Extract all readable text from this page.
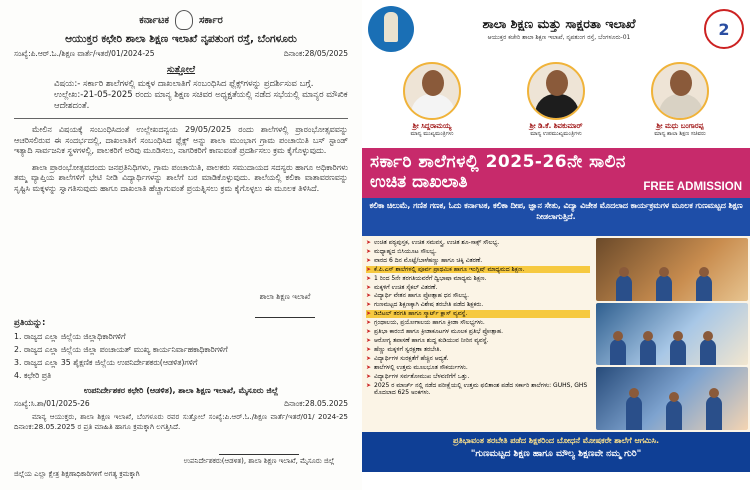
ಕರ್ನಾಟಕ	ಸರ್ಕಾರ
ಆಯುಕ್ತರ ಕಛೇರಿ ಶಾಲಾ ಶಿಕ್ಷಣ ಇಲಾಖೆ ನೃಪತುಂಗ ರಸ್ತೆ, ಬೆಂಗಳೂರು
ಸಂಖ್ಯೆ:ಪಿ.ಆರ್.ಓ./ಶಿಕ್ಷಣ ವಾರ್ತೆ/ಇತರೆ/01/2024-25	ದಿನಾಂಕ:28/05/2025
ಸುತ್ತೋಲೆ
ವಿಷಯ:- ಸರ್ಕಾರಿ ಶಾಲೆಗಳಲ್ಲಿ ಮಕ್ಕಳ ದಾಖಲಾತಿಗೆ ಸಂಬಂಧಿಸಿದ ಫ್ಲೆಕ್ಸ್‌ಗಳನ್ನು ಪ್ರದರ್ಶಿಸುವ ಬಗ್ಗೆ.
ಉಲ್ಲೇಖ:-21-05-2025 ರಂದು ಮಾನ್ಯ ಶಿಕ್ಷಣ ಸಚಿವರ ಅಧ್ಯಕ್ಷತೆಯಲ್ಲಿ ನಡೆದ ಸಭೆಯಲ್ಲಿ ಮಾನ್ಯರ ಮೌಖಿಕ ಆದೇಶದಂತೆ.
ಮೇಲಿನ ವಿಷಯಕ್ಕೆ ಸಂಬಂಧಿಸಿದಂತೆ ಉಲ್ಲೇಖದನ್ವಯ 29/05/2025 ರಂದು ಶಾಲೆಗಳಲ್ಲಿ ಪ್ರಾರಂಭೋತ್ಸವವನ್ನು ಆಚರಿಸಲಿರುವ ಈ ಸಂದರ್ಭದಲ್ಲಿ, ದಾಖಲಾತಿಗೆ ಸಂಬಂಧಿಸಿದ ಫ್ಲೆಕ್ಸ್ ಅನ್ನು ಶಾಲಾ ಮುಂಭಾಗ ಗ್ರಾಮ ಪಂಚಾಯಿತಿ ಬಸ್ ಸ್ಟಾಂಡ್ ಇತ್ಯಾದಿ ಸಾರ್ವಜನಿಕ ಸ್ಥಳಗಳಲ್ಲಿ, ಪಾಲಕರಿಗೆ ಅರಿವು ಮೂಡಿಸಲು, ನಾಗರಿಕರಿಗೆ ಕಾಣುವಂತೆ ಪ್ರದರ್ಶಿಸಲು ಕ್ರಮ ಕೈಗೊಳ್ಳುವುದು.
ಶಾಲಾ ಪ್ರಾರಂಭೋತ್ಸವದಂದು ಜನಪ್ರತಿನಿಧಿಗಳು, ಗ್ರಾಮ ಪಂಚಾಯಿತಿ, ಪಾಲಕರು ಸಮುದಾಯದ ಸದಸ್ಯರು ಹಾಗೂ ಅಧಿಕಾರಿಗಳು ತಮ್ಮ ವ್ಯಾಪ್ತಿಯ ಶಾಲೆಗಳಿಗೆ ಭೇಟಿ ನೀಡಿ ವಿದ್ಯಾರ್ಥಿಗಳನ್ನು ಶಾಲೆಗೆ ಬರ ಮಾಡಿಕೊಳ್ಳುವುದು. ಶಾಲೆಯಲ್ಲಿ ಕಲಿಕಾ ವಾತಾವರಣವನ್ನು ಸೃಷ್ಟಿಸಿ ಮಕ್ಕಳನ್ನು ಸ್ವಾಗತಿಸುವುದು ಹಾಗೂ ದಾಖಲಾತಿ ಹೆಚ್ಚಾಗುವಂತೆ ಪ್ರಯತ್ನಿಸಲು ಕ್ರಮ ಕೈಗೊಳ್ಳಲು ಈ ಮೂಲಕ ತಿಳಿಸಿದೆ.
ಶಾಲಾ ಶಿಕ್ಷಣ ಇಲಾಖೆ
ಪ್ರತಿಯನ್ನು:
1. ರಾಜ್ಯದ ಎಲ್ಲಾ ಜಿಲ್ಲೆಯ ಜಿಲ್ಲಾಧಿಕಾರಿಗಳಿಗೆ
2. ರಾಜ್ಯದ ಎಲ್ಲಾ ಜಿಲ್ಲೆಯ ಜಿಲ್ಲಾ ಪಂಚಾಯತ್ ಮುಖ್ಯ ಕಾರ್ಯನಿರ್ವಾಹಕಾಧಿಕಾರಿಗಳಿಗೆ
3. ರಾಜ್ಯದ ಎಲ್ಲಾ 35 ಶೈಕ್ಷಣಿಕ ಜಿಲ್ಲೆಯ ಉಪನಿರ್ದೇಶಕರು(ಆಡಳಿತ)ಗಳಿಗೆ
4. ಕಛೇರಿ ಪ್ರತಿ
ಉಪನಿರ್ದೇಶಕರ ಕಛೇರಿ (ಆಡಳಿತ), ಶಾಲಾ ಶಿಕ್ಷಣ ಇಲಾಖೆ, ಮೈಸೂರು ಜಿಲ್ಲೆ
ಸಂಖ್ಯೆ:ಸಿ.ಶಾ/01/2025-26	ದಿನಾಂಕ:28.05.2025
ಮಾನ್ಯ ಆಯುಕ್ತರು, ಶಾಲಾ ಶಿಕ್ಷಣ ಇಲಾಖೆ, ಬೆಂಗಳೂರು ರವರ ಸುತ್ತೋಲೆ ಸಂಖ್ಯೆ:ಪಿ.ಆರ್.ಓ./ಶಿಕ್ಷಣ ವಾರ್ತೆ/ಇತರೆ/01/ 2024-25 ದಿನಾಂಕ:28.05.2025 ರ ಪ್ರತಿ ಮಾಹಿತಿ ಹಾಗೂ ಕ್ರಮಕ್ಕಾಗಿ ಲಗತ್ತಿಸಿದೆ.
ಉಪನಿರ್ದೇಶಕರು(ಆಡಳಿತ), ಶಾಲಾ ಶಿಕ್ಷಣ ಇಲಾಖೆ, ಮೈಸೂರು ಜಿಲ್ಲೆ
ಜಿಲ್ಲೆಯ ಎಲ್ಲಾ ಕ್ಷೇತ್ರ ಶಿಕ್ಷಣಾಧಿಕಾರಿಗಳಿಗೆ ಅಗತ್ಯ ಕ್ರಮಕ್ಕಾಗಿ
ಶಾಲಾ ಶಿಕ್ಷಣ ಮತ್ತು ಸಾಕ್ಷರತಾ ಇಲಾಖೆ
ಆಯುಕ್ತರ ಕಚೇರಿ ಶಾಲಾ ಶಿಕ್ಷಣ ಇಲಾಖೆ, ನೃಪತುಂಗ ರಸ್ತೆ, ಬೆಂಗಳೂರು-01	2
ಶ್ರೀ ಸಿದ್ದರಾಮಯ್ಯ
ಮಾನ್ಯ ಮುಖ್ಯಮಂತ್ರಿಗಳು
ಶ್ರೀ ಡಿ.ಕೆ. ಶಿವಕುಮಾರ್
ಮಾನ್ಯ ಉಪಮುಖ್ಯಮಂತ್ರಿಗಳು
ಶ್ರೀ ಮಧು ಬಂಗಾರಪ್ಪ
ಮಾನ್ಯ ಶಾಲಾ ಶಿಕ್ಷಣ ಸಚಿವರು
ಸರ್ಕಾರಿ ಶಾಲೆಗಳಲ್ಲಿ 2025-26ನೇ ಸಾಲಿನ
ಉಚಿತ ದಾಖಲಾತಿ	FREE ADMISSION
ಕಲಿಕಾ ಚಿಲುಮೆ, ಗಣಿತ ಗಣಕ, ಓದು ಕರ್ನಾಟಕ, ಕಲಿಕಾ ದೀಪ, ಜ್ಞಾನ ಸೇತು, ವಿದ್ಯಾ ವಿಜೇತ ಮೊದಲಾದ ಕಾರ್ಯಕ್ರಮಗಳ ಮೂಲಕ ಗುಣಮಟ್ಟದ ಶಿಕ್ಷಣ ನೀಡಲಾಗುತ್ತಿದೆ.
➤ ಉಚಿತ ಪಠ್ಯಪುಸ್ತಕ, ಉಚಿತ ಸಮವಸ್ತ್ರ, ಉಚಿತ ಶೂ-ಸಾಕ್ಸ್ ಸೌಲಭ್ಯ.
➤ ಮಧ್ಯಾಹ್ನದ ಬಿಸಿಯೂಟ ಸೌಲಭ್ಯ.
➤ ವಾರದ 6 ದಿನ ಮೊಟ್ಟೆ/ಬಾಳೆಹಣ್ಣು ಹಾಗೂ ಚಿಕ್ಕಿ ವಿತರಣೆ.
➤ ಕೆ.ಪಿ.ಎಸ್ ಶಾಲೆಗಳಲ್ಲಿ ಪೂರ್ವ ಪ್ರಾಥಮಿಕ ಹಾಗೂ ಇಂಗ್ಲಿಷ್ ಮಾಧ್ಯಮದ ಶಿಕ್ಷಣ.
➤ 1 ರಿಂದ 5ನೇ ತರಗತಿಯವರೆಗೆ ದ್ವಿಭಾಷಾ ಮಾಧ್ಯಮ ಶಿಕ್ಷಣ.
➤ ಮಕ್ಕಳಿಗೆ ಉಚಿತ ಸೈಕಲ್ ವಿತರಣೆ.
➤ ವಿದ್ಯಾರ್ಥಿ ವೇತನ ಹಾಗೂ ಪ್ರೋತ್ಸಾಹ ಧನ ಸೌಲಭ್ಯ.
➤ ಗುಣಮಟ್ಟದ ಶಿಕ್ಷಣಕ್ಕಾಗಿ ವಿಶೇಷ ತರಬೇತಿ ಪಡೆದ ಶಿಕ್ಷಕರು.
➤ ಡಿಜಿಟಲ್ ತರಗತಿ ಹಾಗೂ ಸ್ಮಾರ್ಟ್ ಕ್ಲಾಸ್ ವ್ಯವಸ್ಥೆ.
➤ ಗ್ರಂಥಾಲಯ, ಪ್ರಯೋಗಾಲಯ ಹಾಗೂ ಕ್ರೀಡಾ ಸೌಲಭ್ಯಗಳು.
➤ ಪ್ರತಿಭಾ ಕಾರಂಜಿ ಹಾಗೂ ಕ್ರೀಡಾಕೂಟಗಳ ಮೂಲಕ ಪ್ರತಿಭೆ ಪ್ರೋತ್ಸಾಹ.
➤ ಆರೋಗ್ಯ ತಪಾಸಣೆ ಹಾಗೂ ಶುದ್ಧ ಕುಡಿಯುವ ನೀರಿನ ವ್ಯವಸ್ಥೆ.
➤ ಹೆಣ್ಣು ಮಕ್ಕಳಿಗೆ ಸ್ವರಕ್ಷಣಾ ತರಬೇತಿ.
➤ ವಿದ್ಯಾರ್ಥಿಗಳ ಸುರಕ್ಷತೆಗೆ ಹೆಚ್ಚಿನ ಆದ್ಯತೆ.
➤ ಶಾಲೆಗಳಲ್ಲಿ ಉತ್ತಮ ಮೂಲಭೂತ ಸೌಕರ್ಯಗಳು.
➤ ವಿದ್ಯಾರ್ಥಿಗಳ ಸರ್ವತೋಮುಖ ಬೆಳವಣಿಗೆಗೆ ಒತ್ತು.
➤ 2025 ರ ಮಾರ್ಚ್ ನಲ್ಲಿ ನಡೆದ ಪರೀಕ್ಷೆಯಲ್ಲಿ ಉತ್ತಮ ಫಲಿತಾಂಶ ಪಡೆದ ಸರ್ಕಾರಿ ಶಾಲೆಗಳು: GUHS, GHS ಮೊದಲಾದ 625 ಅಂಕಗಳು.
ಪ್ರತಿಭಾವಂತ ತರಬೇತಿ ಪಡೆದ ಶಿಕ್ಷಕರಿಂದ ಬೋಧನೆ ಮೋಷಕರೇ ಶಾಲೆಗೆ ಆಗಮಿಸಿ.
"ಗುಣಮಟ್ಟದ ಶಿಕ್ಷಣ ಹಾಗೂ ಮೌಲ್ಯ ಶಿಕ್ಷಣವೇ ನಮ್ಮ ಗುರಿ"
